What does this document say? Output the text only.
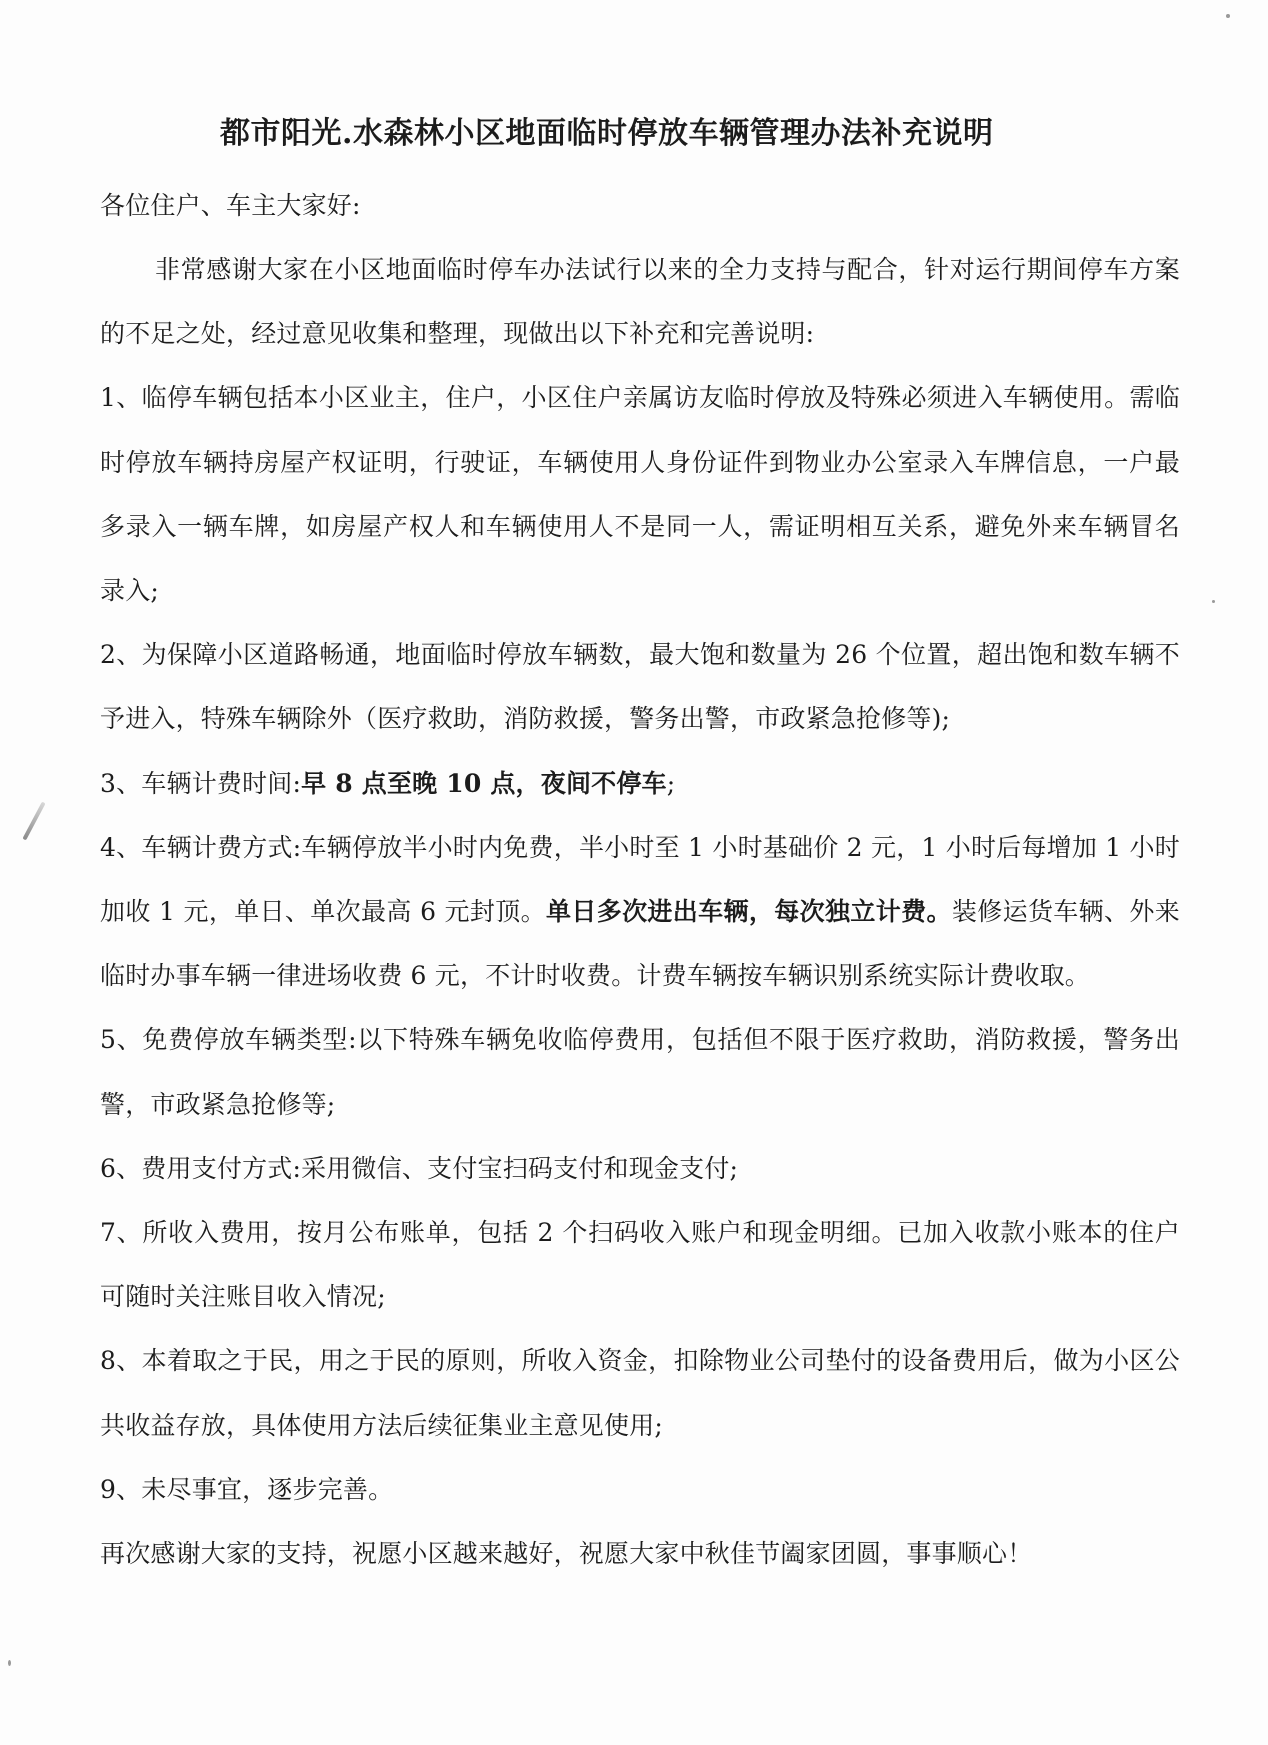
都市阳光.水森林小区地面临时停放车辆管理办法补充说明

各位住户、车主大家好:

非常感谢大家在小区地面临时停车办法试行以来的全力支持与配合，针对运行期间停车方案的不足之处，经过意见收集和整理，现做出以下补充和完善说明:

1、临停车辆包括本小区业主，住户，小区住户亲属访友临时停放及特殊必须进入车辆使用。需临时停放车辆持房屋产权证明，行驶证，车辆使用人身份证件到物业办公室录入车牌信息，一户最多录入一辆车牌，如房屋产权人和车辆使用人不是同一人，需证明相互关系，避免外来车辆冒名录入;

2、为保障小区道路畅通，地面临时停放车辆数，最大饱和数量为 26 个位置，超出饱和数车辆不予进入，特殊车辆除外（医疗救助，消防救援，警务出警，市政紧急抢修等);

3、车辆计费时间:早 8 点至晚 10 点，夜间不停车;

4、车辆计费方式:车辆停放半小时内免费，半小时至 1 小时基础价 2 元，1 小时后每增加 1 小时加收 1 元，单日、单次最高 6 元封顶。单日多次进出车辆，每次独立计费。装修运货车辆、外来临时办事车辆一律进场收费 6 元，不计时收费。计费车辆按车辆识别系统实际计费收取。

5、免费停放车辆类型:以下特殊车辆免收临停费用，包括但不限于医疗救助，消防救援，警务出警，市政紧急抢修等;

6、费用支付方式:采用微信、支付宝扫码支付和现金支付;

7、所收入费用，按月公布账单，包括 2 个扫码收入账户和现金明细。已加入收款小账本的住户可随时关注账目收入情况;

8、本着取之于民，用之于民的原则，所收入资金，扣除物业公司垫付的设备费用后，做为小区公共收益存放，具体使用方法后续征集业主意见使用;

9、未尽事宜，逐步完善。

再次感谢大家的支持，祝愿小区越来越好，祝愿大家中秋佳节阖家团圆，事事顺心！
